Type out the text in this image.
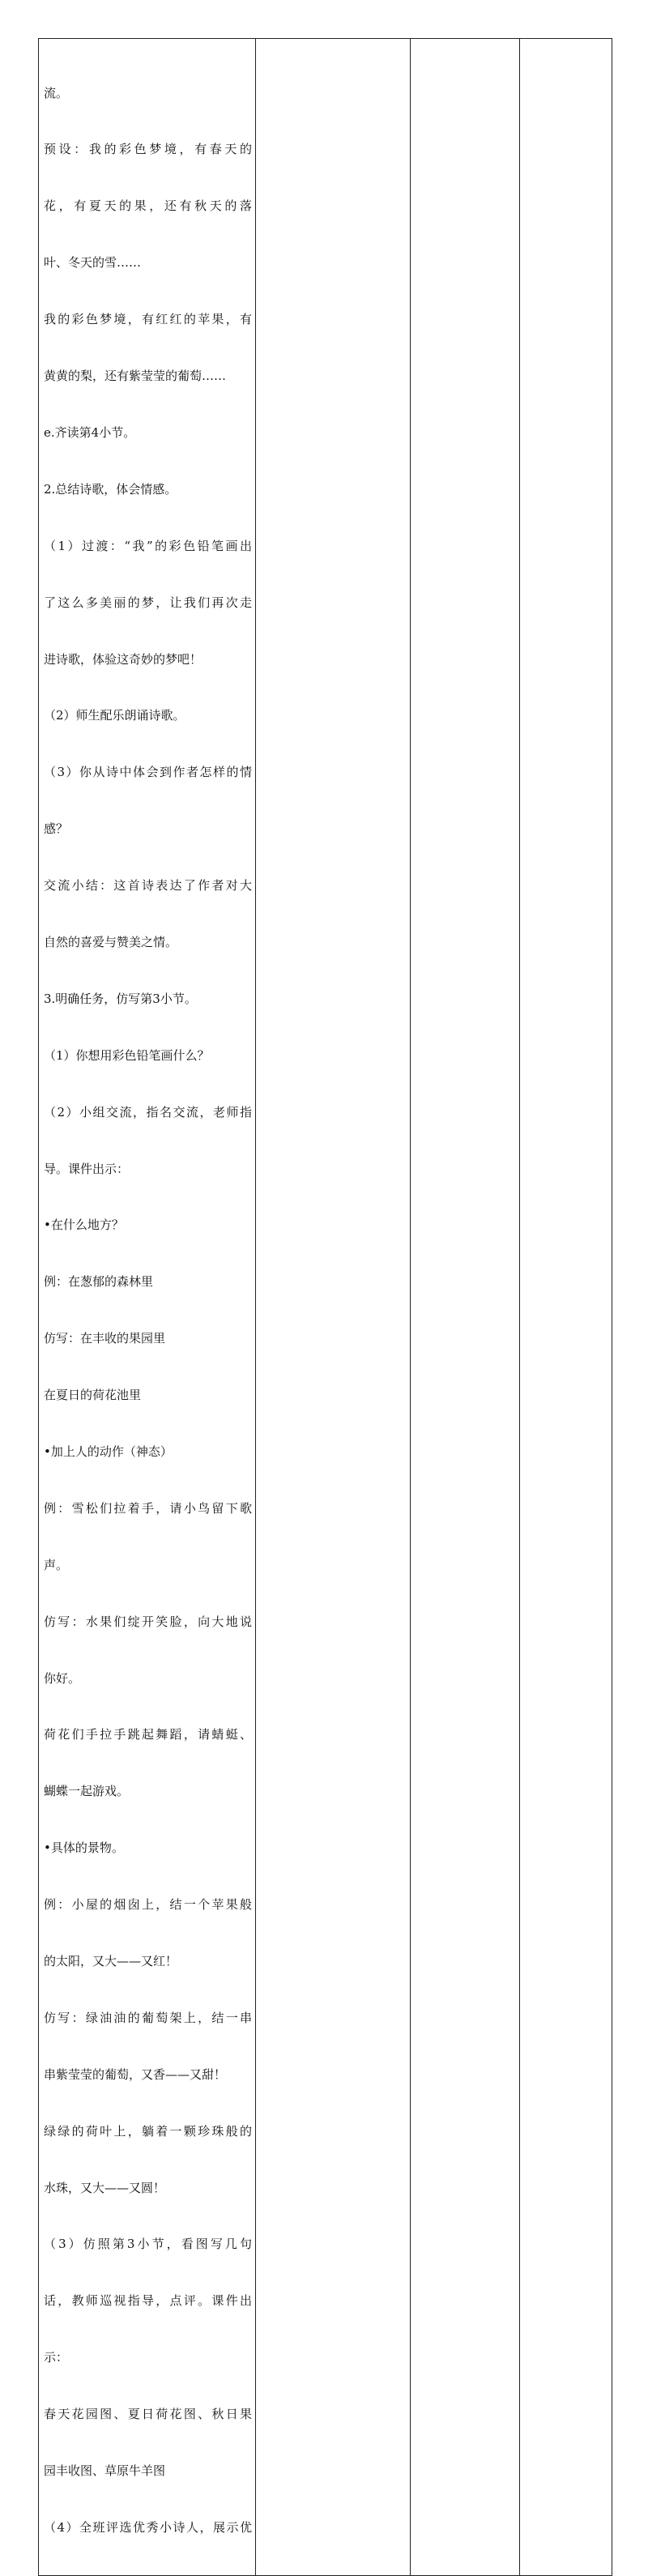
流。

预设：我的彩色梦境，有春天的

花，有夏天的果，还有秋天的落

叶、冬天的雪……

我的彩色梦境，有红红的苹果，有

黄黄的梨，还有紫莹莹的葡萄……

e.齐读第4小节。

2.总结诗歌，体会情感。

（1）过渡：“我”的彩色铅笔画出

了这么多美丽的梦，让我们再次走

进诗歌，体验这奇妙的梦吧！

（2）师生配乐朗诵诗歌。

（3）你从诗中体会到作者怎样的情

感？

交流小结：这首诗表达了作者对大

自然的喜爱与赞美之情。

3.明确任务，仿写第3小节。

（1）你想用彩色铅笔画什么？

（2）小组交流，指名交流，老师指

导。课件出示：

•在什么地方？

例：在葱郁的森林里

仿写：在丰收的果园里

在夏日的荷花池里

•加上人的动作（神态）

例：雪松们拉着手，请小鸟留下歌

声。

仿写：水果们绽开笑脸，向大地说

你好。

荷花们手拉手跳起舞蹈，请蜻蜓、

蝴蝶一起游戏。

•具体的景物。

例：小屋的烟囱上，结一个苹果般

的太阳，又大——又红！

仿写：绿油油的葡萄架上，结一串

串紫莹莹的葡萄，又香——又甜！

绿绿的荷叶上，躺着一颗珍珠般的

水珠，又大——又圆！

（3）仿照第3小节，看图写几句

话，教师巡视指导，点评。课件出

示：

春天花园图、夏日荷花图、秋日果

园丰收图、草原牛羊图

（4）全班评选优秀小诗人，展示优
